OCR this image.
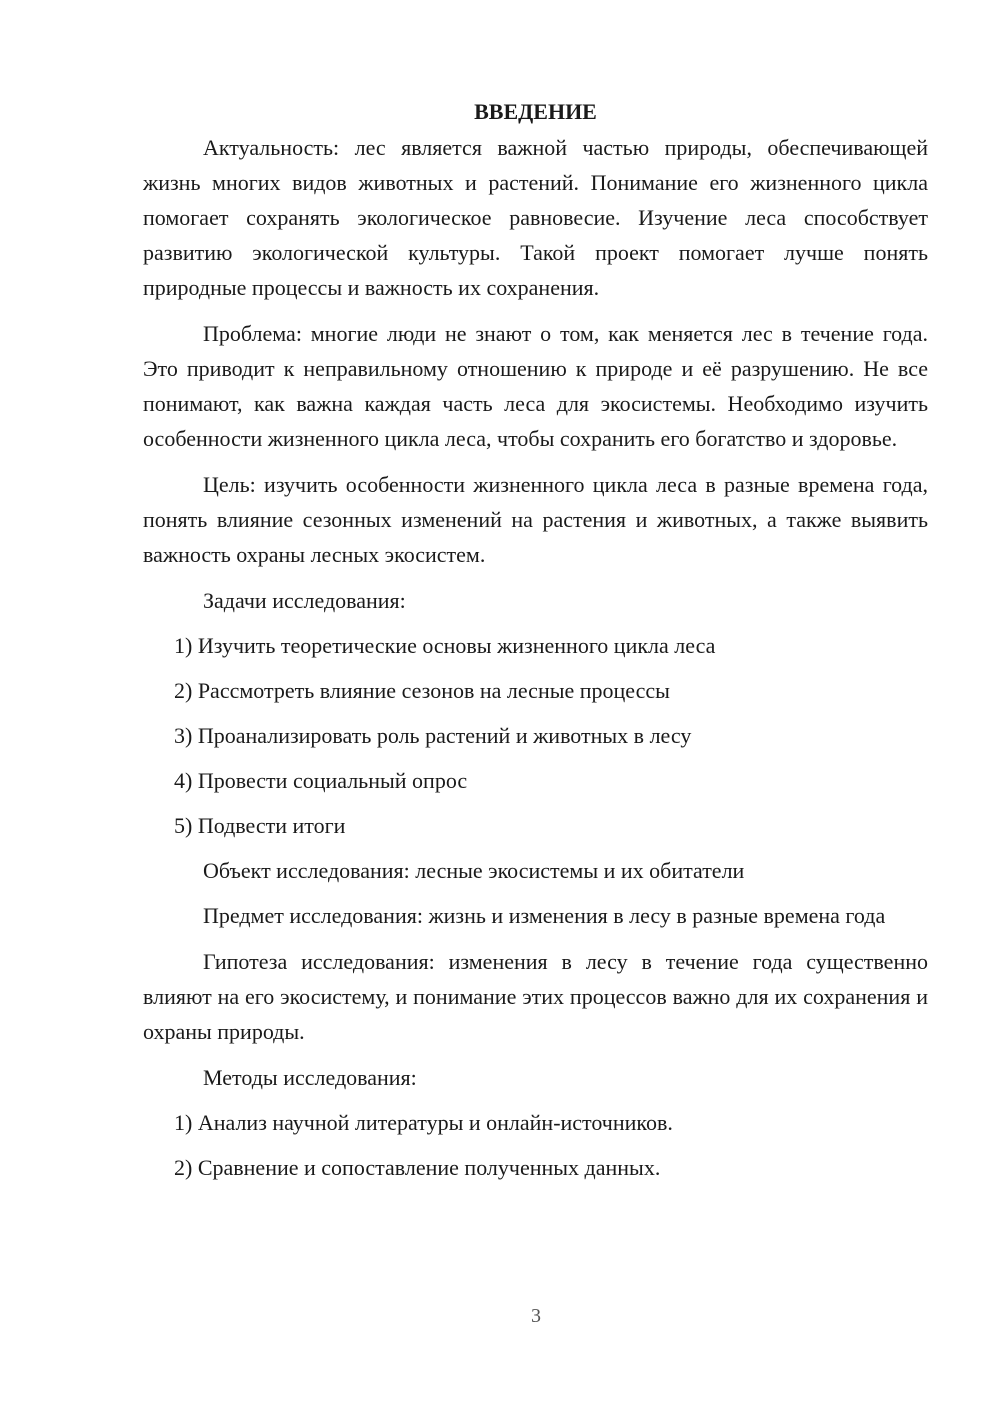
ВВЕДЕНИЕ

Актуальность: лес является важной частью природы, обеспечивающей жизнь многих видов животных и растений. Понимание его жизненного цикла помогает сохранять экологическое равновесие. Изучение леса способствует развитию экологической культуры. Такой проект помогает лучше понять природные процессы и важность их сохранения.

Проблема: многие люди не знают о том, как меняется лес в течение года. Это приводит к неправильному отношению к природе и её разрушению. Не все понимают, как важна каждая часть леса для экосистемы. Необходимо изучить особенности жизненного цикла леса, чтобы сохранить его богатство и здоровье.

Цель: изучить особенности жизненного цикла леса в разные времена года, понять влияние сезонных изменений на растения и животных, а также выявить важность охраны лесных экосистем.

Задачи исследования:

1) Изучить теоретические основы жизненного цикла леса
2) Рассмотреть влияние сезонов на лесные процессы
3) Проанализировать роль растений и животных в лесу
4) Провести социальный опрос
5) Подвести итоги

Объект исследования: лесные экосистемы и их обитатели

Предмет исследования: жизнь и изменения в лесу в разные времена года

Гипотеза исследования: изменения в лесу в течение года существенно влияют на его экосистему, и понимание этих процессов важно для их сохранения и охраны природы.

Методы исследования:

1) Анализ научной литературы и онлайн-источников.
2) Сравнение и сопоставление полученных данных.
3
